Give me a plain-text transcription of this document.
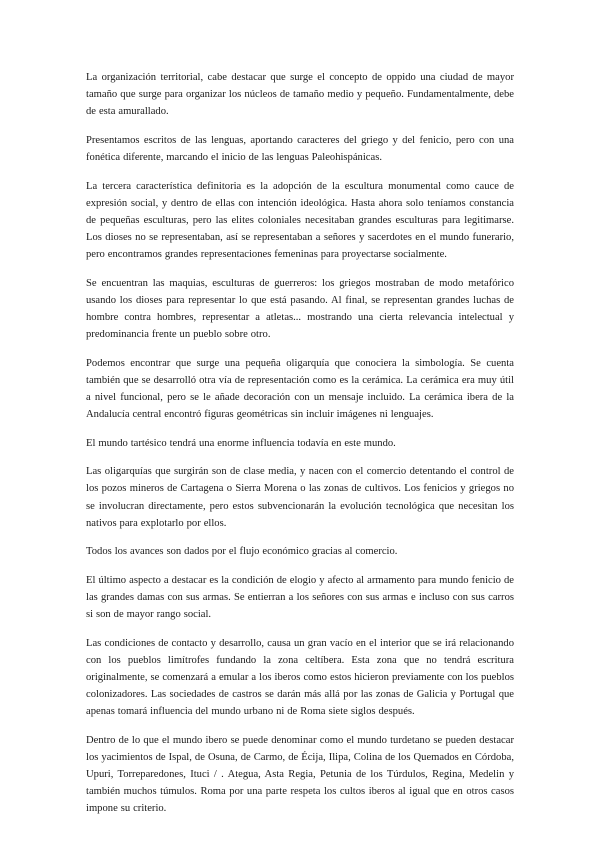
La organización territorial, cabe destacar que surge el concepto de oppido una ciudad de mayor tamaño que surge para organizar los núcleos de tamaño medio y pequeño. Fundamentalmente, debe de esta amurallado.

Presentamos escritos de las lenguas, aportando caracteres del griego y del fenicio, pero con una fonética diferente, marcando el inicio de las lenguas Paleohispánicas.

La tercera característica definitoria es la adopción de la escultura monumental como cauce de expresión social, y dentro de ellas con intención ideológica. Hasta ahora solo teníamos constancia de pequeñas esculturas, pero las elites coloniales necesitaban grandes esculturas para legitimarse. Los dioses no se representaban, así se representaban a señores y sacerdotes en el mundo funerario, pero encontramos grandes representaciones femeninas para proyectarse socialmente.

Se encuentran las maquias, esculturas de guerreros: los griegos mostraban de modo metafórico usando los dioses para representar lo que está pasando. Al final, se representan grandes luchas de hombre contra hombres, representar a atletas... mostrando una cierta relevancia intelectual y predominancia frente un pueblo sobre otro.

Podemos encontrar que surge una pequeña oligarquía que conociera la simbología. Se cuenta también que se desarrolló otra vía de representación como es la cerámica. La cerámica era muy útil a nivel funcional, pero se le añade decoración con un mensaje incluido. La cerámica ibera de la Andalucía central encontró figuras geométricas sin incluir imágenes ni lenguajes.

El mundo tartésico tendrá una enorme influencia todavía en este mundo.

Las oligarquías que surgirán son de clase media, y nacen con el comercio detentando el control de los pozos mineros de Cartagena o Sierra Morena o las zonas de cultivos. Los fenicios y griegos no se involucran directamente, pero estos subvencionarán la evolución tecnológica que necesitan los nativos para explotarlo por ellos.

Todos los avances son dados por el flujo económico gracias al comercio.

El último aspecto a destacar es la condición de elogio y afecto al armamento para mundo fenicio de las grandes damas con sus armas. Se entierran a los señores con sus armas e incluso con sus carros si son de mayor rango social.

Las condiciones de contacto y desarrollo, causa un gran vacío en el interior que se irá relacionando con los pueblos limítrofes fundando la zona celtíbera. Esta zona que no tendrá escritura originalmente, se comenzará a emular a los iberos como estos hicieron previamente con los pueblos colonizadores. Las sociedades de castros se darán más allá por las zonas de Galicia y Portugal que apenas tomará influencia del mundo urbano ni de Roma siete siglos después.

Dentro de lo que el mundo ibero se puede denominar como el mundo turdetano se pueden destacar los yacimientos de Ispal, de Osuna, de Carmo, de Écija, Ilipa, Colina de los Quemados en Córdoba, Upuri, Torreparedones, Ituci / . Ategua, Asta Regia, Petunia de los Túrdulos, Regina, Medelin y también muchos túmulos. Roma por una parte respeta los cultos iberos al igual que en otros casos impone su criterio.
